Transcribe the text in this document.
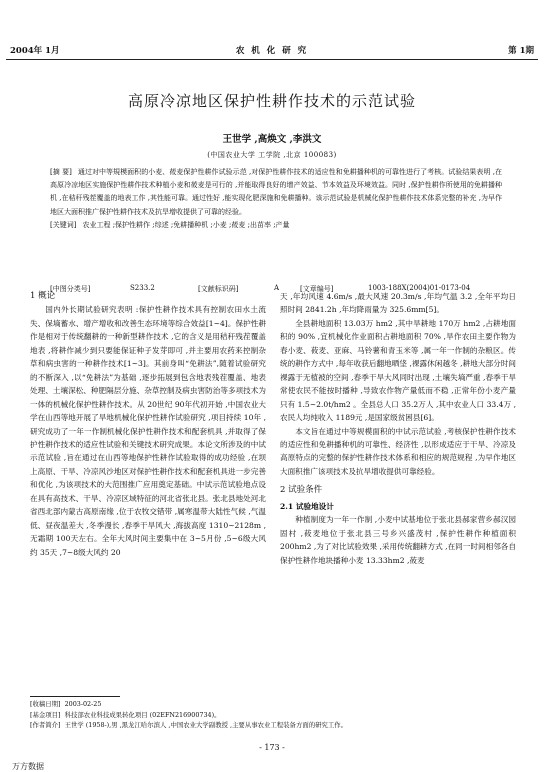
2004年 1月	农 机 化 研 究	第 1期
高原冷凉地区保护性耕作技术的示范试验
王世学 ,高焕文 ,李洪文
(中国农业大学 工学院 ,北京 100083)
[摘 要] 通过对中等規模面积的小麦、莜麦保护性耕作试验示范 ,对保护性耕作技术的适应性和免耕播种机的可靠性进行了考核。试验结果表明 ,在高原冷凉地区实施保护性耕作技术种植小麦和莜麦是可行的 ,并能取得良好的增产效益、节本效益及环境效益。同时 ,保护性耕作所使用的免耕播种机 ,在秸秆残茬覆盖的地表工作 ,其性能可靠。通过性好 ,能实现化肥深施和免耕播种。该示范试验是机械化保护性耕作技术体系完整的补充 ,为早作地区大面积推广保护性耕作技术及抗旱增收提供了可靠的经验。
[关键词] 农业工程 ;保护性耕作 ;综述 ;免耕播种机 ;小麦 ;莜麦 ;出苗率 ;产量
[中图分类号]	S233.2	[文献标识码]	A	[文章编号]	1003-188X(2004)01-0173-04
1 概论

国内外长期试验研究表明 :保护性耕作技术具有控制农田水土流失、保墒蓄水、增产增收和改善生态环境等综合效益[1~4]。保护性耕作是相对于传统翻耕的一种新型耕作技术 ,它的含义是用秸秆残茬覆盖地表 ,将耕作减少到只要能保证种子发芽即可 ,并主要用农药来控制杂草和病虫害的一种耕作技术[1~3]。其前身叫“免耕法”,随着试验研究的不断深入 ,以“免耕法”为基础 ,逐步拓展到包含地表残茬覆盖、地表处理、土壤深松、种肥隔层分施、杂草控制及病虫害防治等多项技术为一体的机械化保护性耕作技术。从 20世纪 90年代初开始 ,中国农业大学在山西等地开展了旱地机械化保护性耕作试验研究 ,项目持续 10年 ,研究成功了一年一作制机械化保护性耕作技术和配套机具 ,并取得了保护性耕作技术的适应性试验和关键技术研究成果。本论文所涉及的中试示范试验 ,旨在通过在山西等地保护性耕作试验取得的成功经验 ,在坝上高原、干旱、冷凉风沙地区对保护性耕作技术和配套机具进一步完善和优化 ,为该项技术的大范围推广应用奠定基础。中试示范试验地点设在具有高技术、干旱、冷凉区域特征的河北省张北县。张北县地处河北省西北部内蒙古高原南缘 ,位于农牧交错带 ,属寒温带大陆性气候 ,气温低、昼夜温差大 ,冬季漫长 ,春季干旱风大 ,海拔高度 1310~2128m ,无霜期 100天左右。全年大风时间主要集中在 3~5月份 ,5~6级大风约 35天 ,7~8级大风约 20

天 ,年均风速 4.6m/s ,最大风速 20.3m/s ,年均气温 3.2 ,全年平均日照时间 2841.2h ,年均降雨量为 325.6mm[5]。

全县耕地面积 13.03万 hm2 ,其中旱耕地 170万 hm2 ,占耕地面积的 90% ,宜机械化作业面积占耕地面积 70% ,旱作农田主要作物为春小麦、莜麦、亚麻、马铃薯和青玉米等 ,属一年一作制的杂粮区。传统的耕作方式中 ,每年收获后翻地晒垡 ,裸露休闲越冬 ,耕地大部分时间裸露于无植被的空间 ,春季干旱大风同时出现 ,土壤失墒严重 ,春季干旱常使农民不能按时播种 ,导致农作物产量低而不稳 ,正常年份小麦产量只有 1.5~2.0t/hm2 。全县总人口 35.2万人 ,其中农业人口 33.4万 ,农民人均纯收入 1189元 ,是国家级贫困县[6]。

本文旨在通过中等规模面积的中试示范试验 ,考核保护性耕作技术的适应性和免耕播种机的可靠性、经济性 ,以形成适应于干旱、冷凉及高原特点的完整的保护性耕作技术体系和相应的规范规程 ,为早作地区大面积推广该项技术及抗旱增收提供可靠经验。

2 试验条件
2.1 试验地设计

种植制度为一年一作制 ,小麦中试基地位于张北县郝家营乡郝汉园固村 ,莜麦地位于张北县三号乡兴盛茂村 ,保护性耕作种植面积 200hm2 ,为了对比试验效果 ,采用传统翻耕方式 ,在同一时间相邻各自保护性耕作地块播种小麦 13.33hm2 ,莜麦

[收稿日期] 2003-02-25
[基金项目] 科技部农业科技成果转化项目 (02EFN216900734)。
[作者简介] 王世学 (1958-),男 ,黑龙江哈尔滨人 ,中国农业大学副教授 ,主要从事农业工程装备方面的研究工作。
- 173 -
万方数据
